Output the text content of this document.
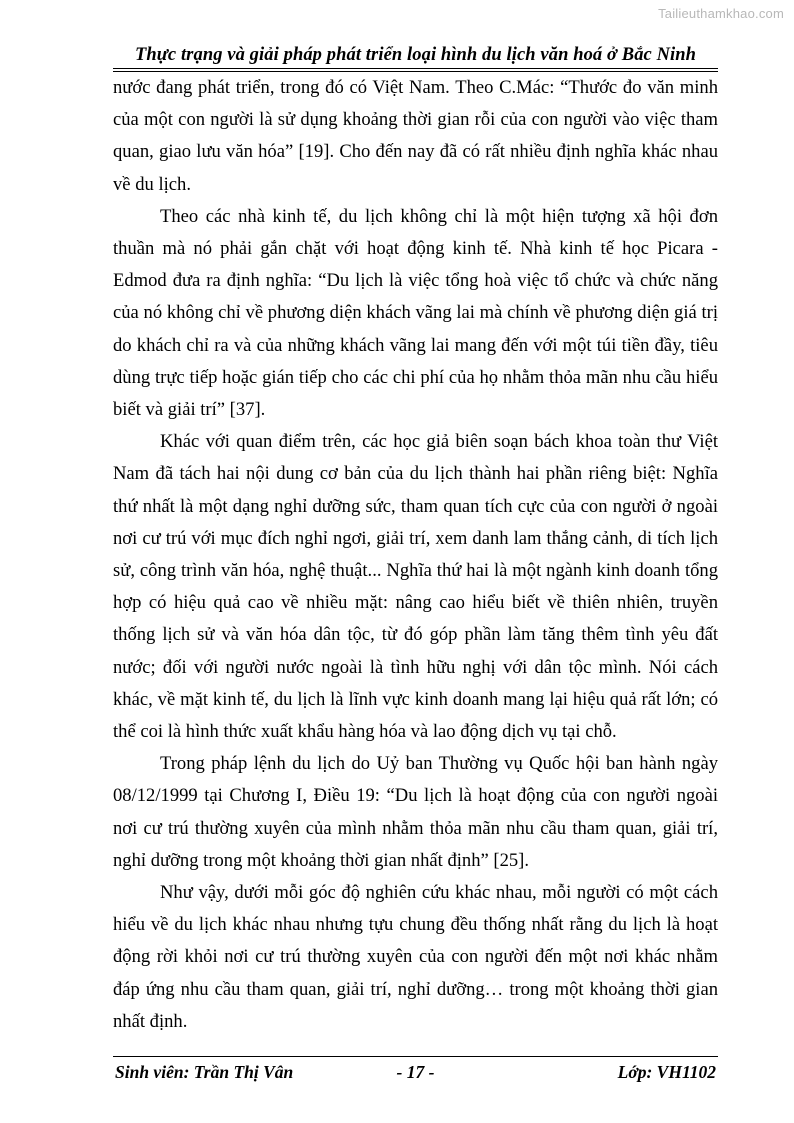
Tailieuthamkhao.com
Thực trạng và giải pháp phát triển loại hình du lịch văn hoá ở Bắc Ninh

nước đang phát triển, trong đó có Việt Nam. Theo C.Mác: “Thước đo văn minh của một con người là sử dụng khoảng thời gian rỗi của con người vào việc tham quan, giao lưu văn hóa” [19]. Cho đến nay đã có rất nhiều định nghĩa khác nhau về du lịch.

Theo các nhà kinh tế, du lịch không chỉ là một hiện tượng xã hội đơn thuần mà nó phải gắn chặt với hoạt động kinh tế. Nhà kinh tế học Picara - Edmod đưa ra định nghĩa: “Du lịch là việc tổng hoà việc tổ chức và chức năng của nó không chỉ về phương diện khách vãng lai mà chính về phương diện giá trị do khách chỉ ra và của những khách vãng lai mang đến với một túi tiền đầy, tiêu dùng trực tiếp hoặc gián tiếp cho các chi phí của họ nhằm thỏa mãn nhu cầu hiểu biết và giải trí” [37].

Khác với quan điểm trên, các học giả biên soạn bách khoa toàn thư Việt Nam đã tách hai nội dung cơ bản của du lịch thành hai phần riêng biệt: Nghĩa thứ nhất là một dạng nghỉ dưỡng sức, tham quan tích cực của con người ở ngoài nơi cư trú với mục đích nghỉ ngơi, giải trí, xem danh lam thắng cảnh, di tích lịch sử, công trình văn hóa, nghệ thuật... Nghĩa thứ hai là một ngành kinh doanh tổng hợp có hiệu quả cao về nhiều mặt: nâng cao hiểu biết về thiên nhiên, truyền thống lịch sử và văn hóa dân tộc, từ đó góp phần làm tăng thêm tình yêu đất nước; đối với người nước ngoài là tình hữu nghị với dân tộc mình. Nói cách khác, về mặt kinh tế, du lịch là lĩnh vực kinh doanh mang lại hiệu quả rất lớn; có thể coi là hình thức xuất khẩu hàng hóa và lao động dịch vụ tại chỗ.

Trong pháp lệnh du lịch do Uỷ ban Thường vụ Quốc hội ban hành ngày 08/12/1999 tại Chương I, Điều 19: “Du lịch là hoạt động của con người ngoài nơi cư trú thường xuyên của mình nhằm thỏa mãn nhu cầu tham quan, giải trí, nghỉ dưỡng trong một khoảng thời gian nhất định” [25].

Như vậy, dưới mỗi góc độ nghiên cứu khác nhau, mỗi người có một cách hiểu về du lịch khác nhau nhưng tựu chung đều thống nhất rằng du lịch là hoạt động rời khỏi nơi cư trú thường xuyên của con người đến một nơi khác nhằm đáp ứng nhu cầu tham quan, giải trí, nghỉ dưỡng… trong một khoảng thời gian nhất định.

Sinh viên: Trần Thị Vân	- 17 -	Lớp: VH1102
